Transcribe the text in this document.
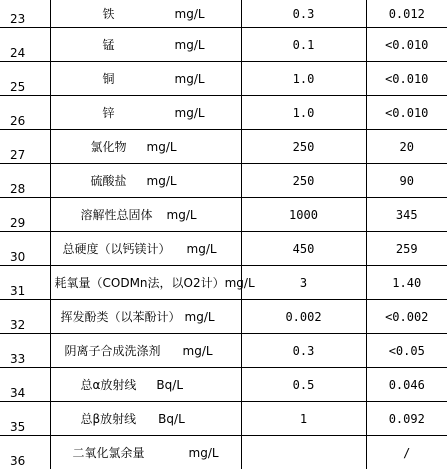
23	铁 mg/L	0.3	0.012
24	锰 mg/L	0.1	<0.010
25	铜 mg/L	1.0	<0.010
26	锌 mg/L	1.0	<0.010
27	氯化物 mg/L	250	20
28	硫酸盐 mg/L	250	90
29	溶解性总固体 mg/L	1000	345
30	总硬度（以钙镁计） mg/L	450	259
31	耗氧量（CODMn法，以O2计）mg/L	3	1.40
32	挥发酚类（以苯酚计） mg/L	0.002	<0.002
33	阴离子合成洗涤剂 mg/L	0.3	<0.05
34	总α放射线 Bq/L	0.5	0.046
35	总β放射线 Bq/L	1	0.092
36	二氧化氯余量 mg/L		/
